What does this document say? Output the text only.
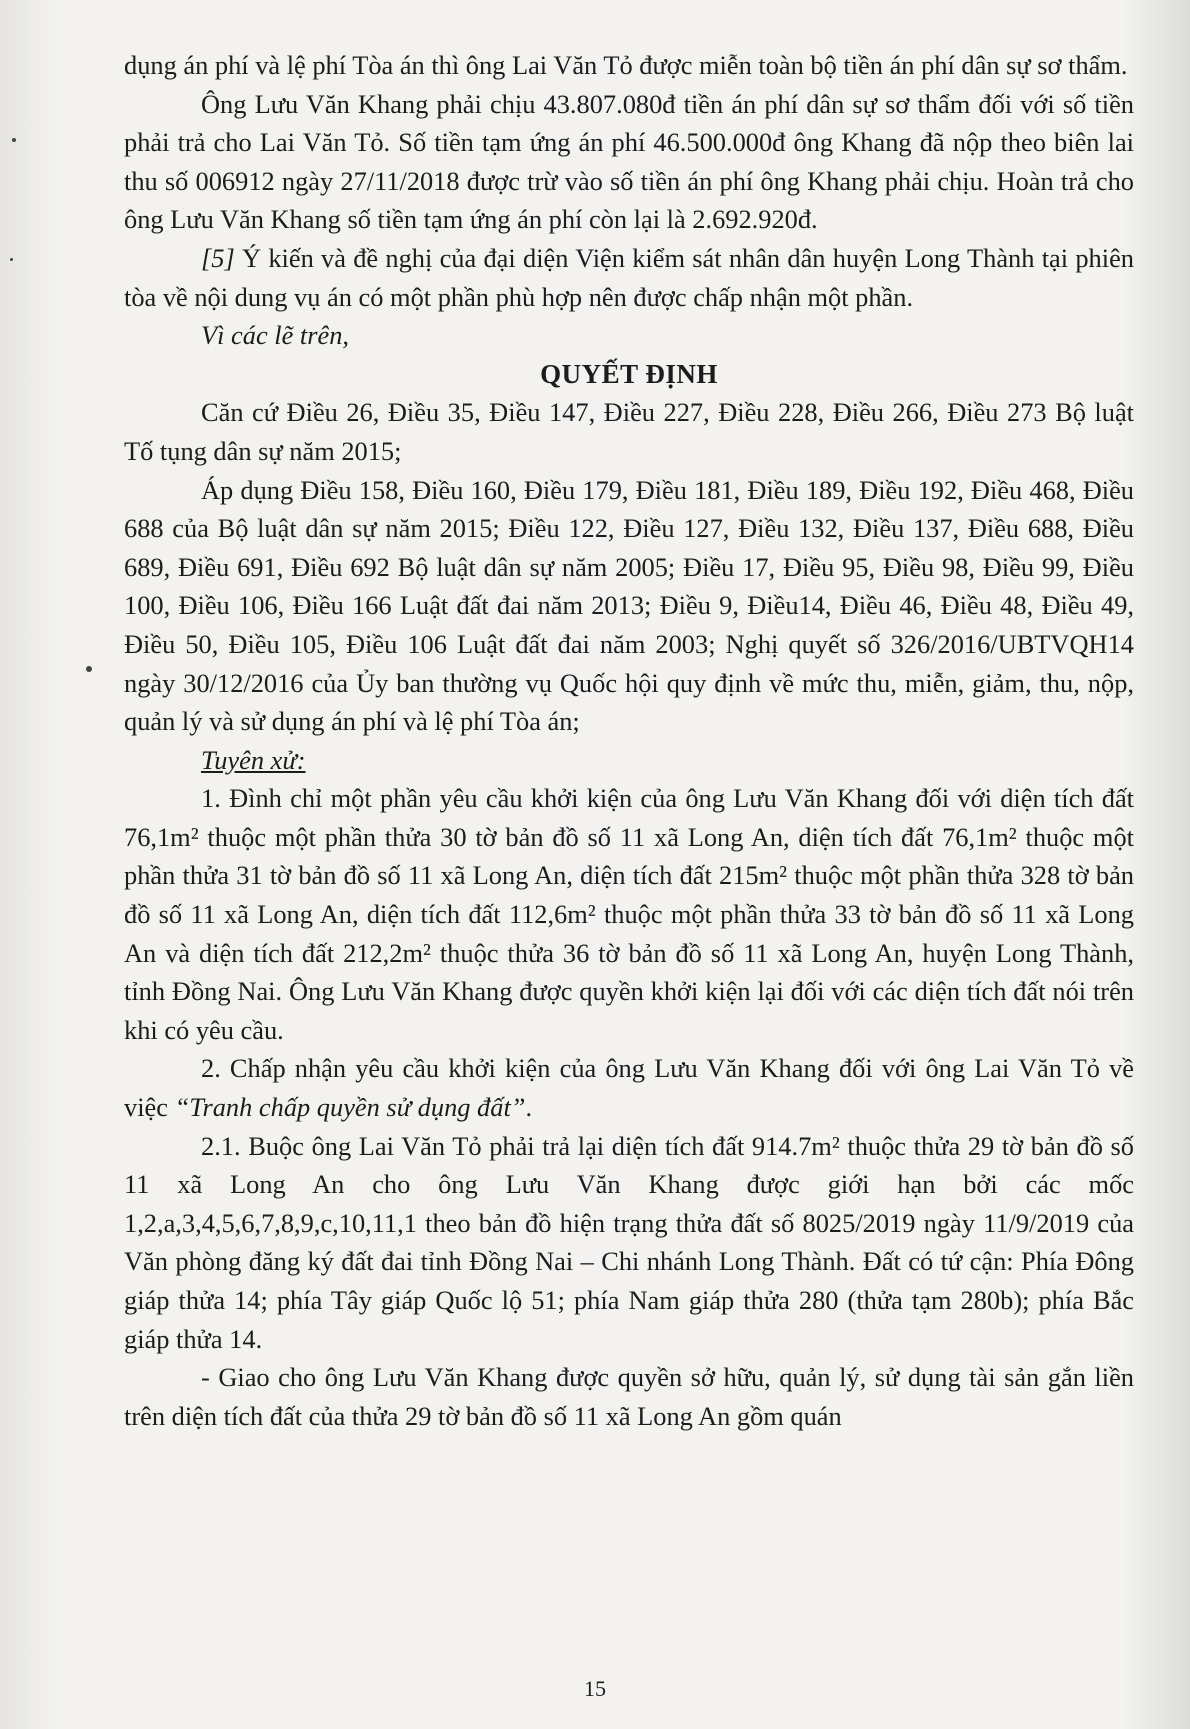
dụng án phí và lệ phí Tòa án thì ông Lai Văn Tỏ được miễn toàn bộ tiền án phí dân sự sơ thẩm.

Ông Lưu Văn Khang phải chịu 43.807.080đ tiền án phí dân sự sơ thẩm đối với số tiền phải trả cho Lai Văn Tỏ. Số tiền tạm ứng án phí 46.500.000đ ông Khang đã nộp theo biên lai thu số 006912 ngày 27/11/2018 được trừ vào số tiền án phí ông Khang phải chịu. Hoàn trả cho ông Lưu Văn Khang số tiền tạm ứng án phí còn lại là 2.692.920đ.

[5] Ý kiến và đề nghị của đại diện Viện kiểm sát nhân dân huyện Long Thành tại phiên tòa về nội dung vụ án có một phần phù hợp nên được chấp nhận một phần.

Vì các lẽ trên,

QUYẾT ĐỊNH

Căn cứ Điều 26, Điều 35, Điều 147, Điều 227, Điều 228, Điều 266, Điều 273 Bộ luật Tố tụng dân sự năm 2015;

Áp dụng Điều 158, Điều 160, Điều 179, Điều 181, Điều 189, Điều 192, Điều 468, Điều 688 của Bộ luật dân sự năm 2015; Điều 122, Điều 127, Điều 132, Điều 137, Điều 688, Điều 689, Điều 691, Điều 692 Bộ luật dân sự năm 2005; Điều 17, Điều 95, Điều 98, Điều 99, Điều 100, Điều 106, Điều 166 Luật đất đai năm 2013; Điều 9, Điều14, Điều 46, Điều 48, Điều 49, Điều 50, Điều 105, Điều 106 Luật đất đai năm 2003; Nghị quyết số 326/2016/UBTVQH14 ngày 30/12/2016 của Ủy ban thường vụ Quốc hội quy định về mức thu, miễn, giảm, thu, nộp, quản lý và sử dụng án phí và lệ phí Tòa án;

Tuyên xử:

1. Đình chỉ một phần yêu cầu khởi kiện của ông Lưu Văn Khang đối với diện tích đất 76,1m² thuộc một phần thửa 30 tờ bản đồ số 11 xã Long An, diện tích đất 76,1m² thuộc một phần thửa 31 tờ bản đồ số 11 xã Long An, diện tích đất 215m² thuộc một phần thửa 328 tờ bản đồ số 11 xã Long An, diện tích đất 112,6m² thuộc một phần thửa 33 tờ bản đồ số 11 xã Long An và diện tích đất 212,2m² thuộc thửa 36 tờ bản đồ số 11 xã Long An, huyện Long Thành, tỉnh Đồng Nai. Ông Lưu Văn Khang được quyền khởi kiện lại đối với các diện tích đất nói trên khi có yêu cầu.

2. Chấp nhận yêu cầu khởi kiện của ông Lưu Văn Khang đối với ông Lai Văn Tỏ về việc “Tranh chấp quyền sử dụng đất”.

2.1. Buộc ông Lai Văn Tỏ phải trả lại diện tích đất 914.7m² thuộc thửa 29 tờ bản đồ số 11 xã Long An cho ông Lưu Văn Khang được giới hạn bởi các mốc 1,2,a,3,4,5,6,7,8,9,c,10,11,1 theo bản đồ hiện trạng thửa đất số 8025/2019 ngày 11/9/2019 của Văn phòng đăng ký đất đai tỉnh Đồng Nai – Chi nhánh Long Thành. Đất có tứ cận: Phía Đông giáp thửa 14; phía Tây giáp Quốc lộ 51; phía Nam giáp thửa 280 (thửa tạm 280b); phía Bắc giáp thửa 14.

- Giao cho ông Lưu Văn Khang được quyền sở hữu, quản lý, sử dụng tài sản gắn liền trên diện tích đất của thửa 29 tờ bản đồ số 11 xã Long An gồm quán

15
